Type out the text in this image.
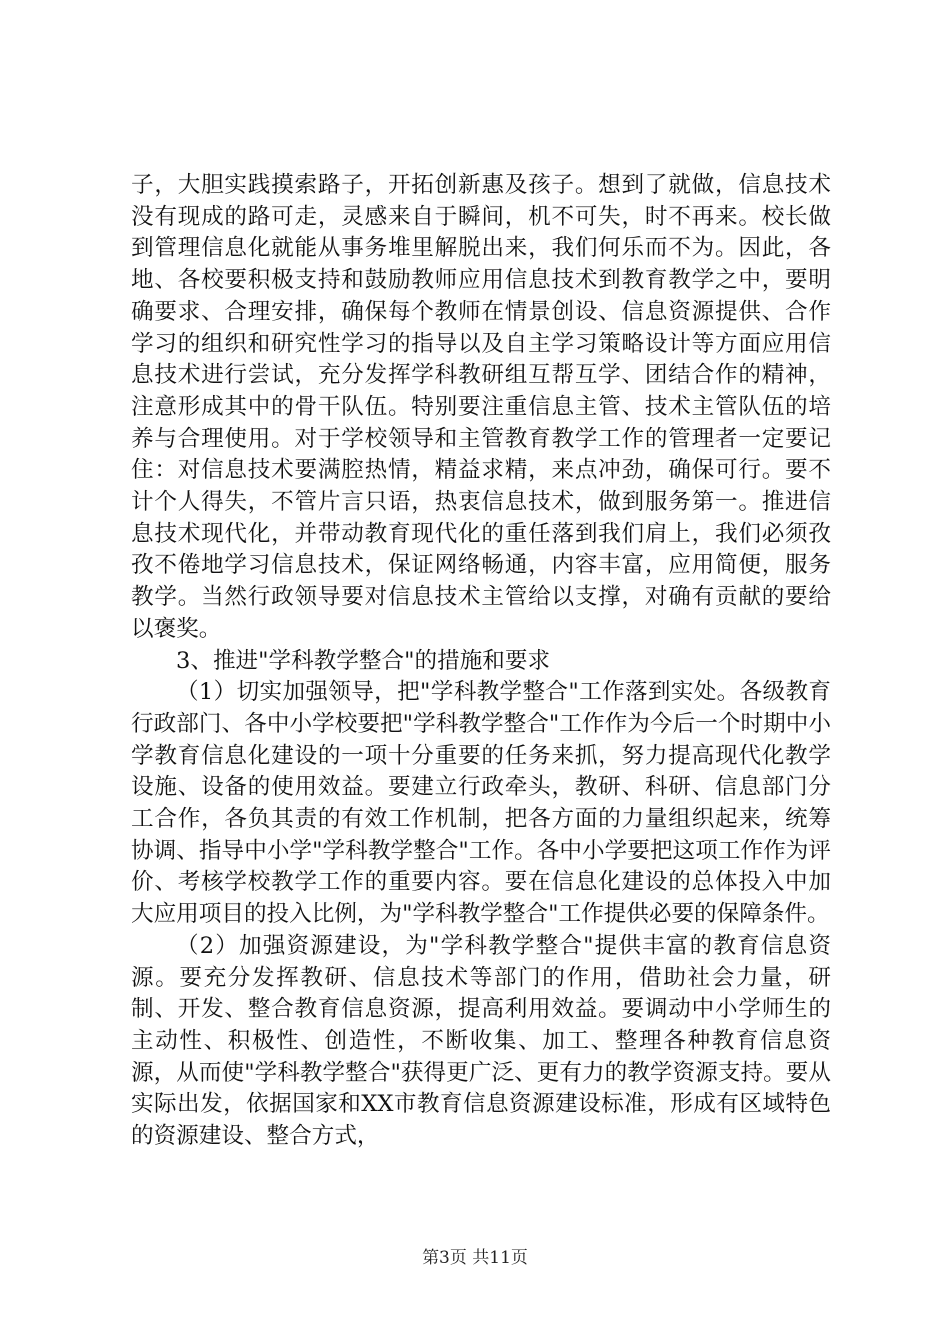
子，大胆实践摸索路子，开拓创新惠及孩子。想到了就做，信息技术没有现成的路可走，灵感来自于瞬间，机不可失，时不再来。校长做到管理信息化就能从事务堆里解脱出来，我们何乐而不为。因此，各地、各校要积极支持和鼓励教师应用信息技术到教育教学之中，要明确要求、合理安排，确保每个教师在情景创设、信息资源提供、合作学习的组织和研究性学习的指导以及自主学习策略设计等方面应用信息技术进行尝试，充分发挥学科教研组互帮互学、团结合作的精神，注意形成其中的骨干队伍。特别要注重信息主管、技术主管队伍的培养与合理使用。对于学校领导和主管教育教学工作的管理者一定要记住：对信息技术要满腔热情，精益求精，来点冲劲，确保可行。要不计个人得失，不管片言只语，热衷信息技术，做到服务第一。推进信息技术现代化，并带动教育现代化的重任落到我们肩上，我们必须孜孜不倦地学习信息技术，保证网络畅通，内容丰富，应用简便，服务教学。当然行政领导要对信息技术主管给以支撑，对确有贡献的要给以褒奖。

3、推进"学科教学整合"的措施和要求

（1）切实加强领导，把"学科教学整合"工作落到实处。各级教育行政部门、各中小学校要把"学科教学整合"工作作为今后一个时期中小学教育信息化建设的一项十分重要的任务来抓，努力提高现代化教学设施、设备的使用效益。要建立行政牵头，教研、科研、信息部门分工合作，各负其责的有效工作机制，把各方面的力量组织起来，统筹协调、指导中小学"学科教学整合"工作。各中小学要把这项工作作为评价、考核学校教学工作的重要内容。要在信息化建设的总体投入中加大应用项目的投入比例，为"学科教学整合"工作提供必要的保障条件。

（2）加强资源建设，为"学科教学整合"提供丰富的教育信息资源。要充分发挥教研、信息技术等部门的作用，借助社会力量，研制、开发、整合教育信息资源，提高利用效益。要调动中小学师生的主动性、积极性、创造性，不断收集、加工、整理各种教育信息资源，从而使"学科教学整合"获得更广泛、更有力的教学资源支持。要从实际出发，依据国家和XX市教育信息资源建设标准，形成有区域特色的资源建设、整合方式，

第3页 共11页
